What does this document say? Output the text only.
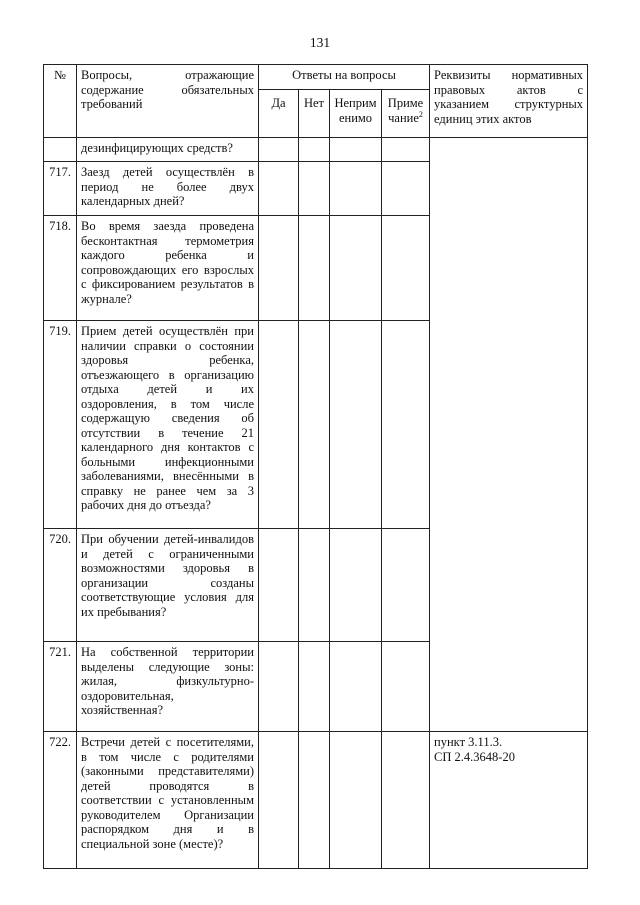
131
№	Вопросы, отражающие содержание обязательных требований	Ответы на вопросы				Реквизиты нормативных правовых актов с указанием структурных единиц этих актов
		Да	Нет	Неприменимо	Примечание$^2$
	дезинфицирующих средств?					
717.	Заезд детей осуществлён в период не более двух календарных дней?					
718.	Во время заезда проведена бесконтактная термометрия каждого ребенка и сопровождающих его взрослых с фиксированием результатов в журнале?					
719.	Прием детей осуществлён при наличии справки о состоянии здоровья ребенка, отъезжающего в организацию отдыха детей и их оздоровления, в том числе содержащую сведения об отсутствии в течение 21 календарного дня контактов с больными инфекционными заболеваниями, внесёнными в справку не ранее чем за 3 рабочих дня до отъезда?					
720.	При обучении детей-инвалидов и детей с ограниченными возможностями здоровья в организации созданы соответствующие условия для их пребывания?					
721.	На собственной территории выделены следующие зоны: жилая, физкультурно-оздоровительная, хозяйственная?					
722.	Встречи детей с посетителями, в том числе с родителями (законными представителями) детей проводятся в соответствии с установленным руководителем Организации распорядком дня и в специальной зоне (месте)?					пункт 3.11.3.
СП 2.4.3648-20
